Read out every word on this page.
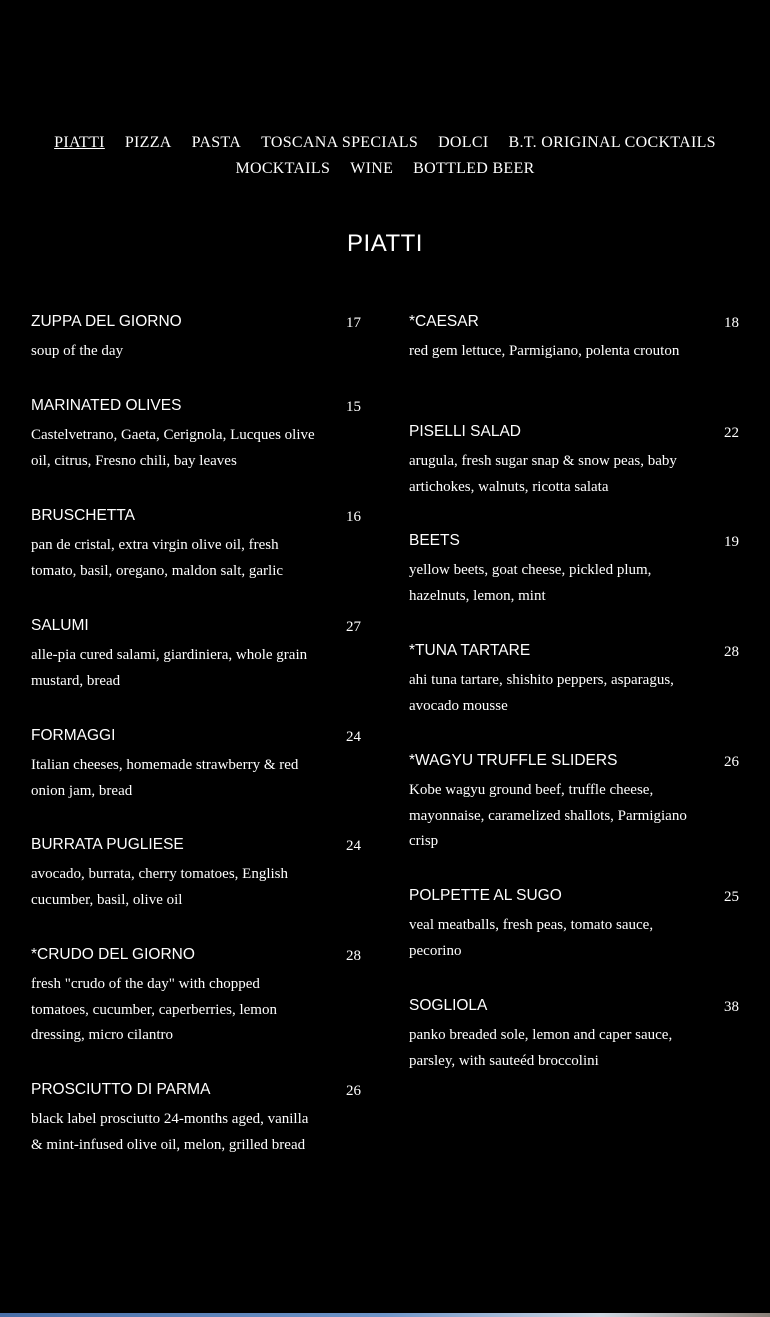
PIATTI PIZZA PASTA TOSCANA SPECIALS DOLCI B.T. ORIGINAL COCKTAILS
MOCKTAILS WINE BOTTLED BEER
PIATTI
ZUPPA DEL GIORNO	17
soup of the day
MARINATED OLIVES	15
Castelvetrano, Gaeta, Cerignola, Lucques olive oil, citrus, Fresno chili, bay leaves
BRUSCHETTA	16
pan de cristal, extra virgin olive oil, fresh tomato, basil, oregano, maldon salt, garlic
SALUMI	27
alle-pia cured salami, giardiniera, whole grain mustard, bread
FORMAGGI	24
Italian cheeses, homemade strawberry & red onion jam, bread
BURRATA PUGLIESE	24
avocado, burrata, cherry tomatoes, English cucumber, basil, olive oil
*CRUDO DEL GIORNO	28
fresh "crudo of the day" with chopped tomatoes, cucumber, caperberries, lemon dressing, micro cilantro
PROSCIUTTO DI PARMA	26
black label prosciutto 24-months aged, vanilla & mint-infused olive oil, melon, grilled bread
*CAESAR	18
red gem lettuce, Parmigiano, polenta crouton
PISELLI SALAD	22
arugula, fresh sugar snap & snow peas, baby artichokes, walnuts, ricotta salata
BEETS	19
yellow beets, goat cheese, pickled plum, hazelnuts, lemon, mint
*TUNA TARTARE	28
ahi tuna tartare, shishito peppers, asparagus, avocado mousse
*WAGYU TRUFFLE SLIDERS	26
Kobe wagyu ground beef, truffle cheese, mayonnaise, caramelized shallots, Parmigiano crisp
POLPETTE AL SUGO	25
veal meatballs, fresh peas, tomato sauce, pecorino
SOGLIOLA	38
panko breaded sole, lemon and caper sauce, parsley, with sauteéd broccolini
